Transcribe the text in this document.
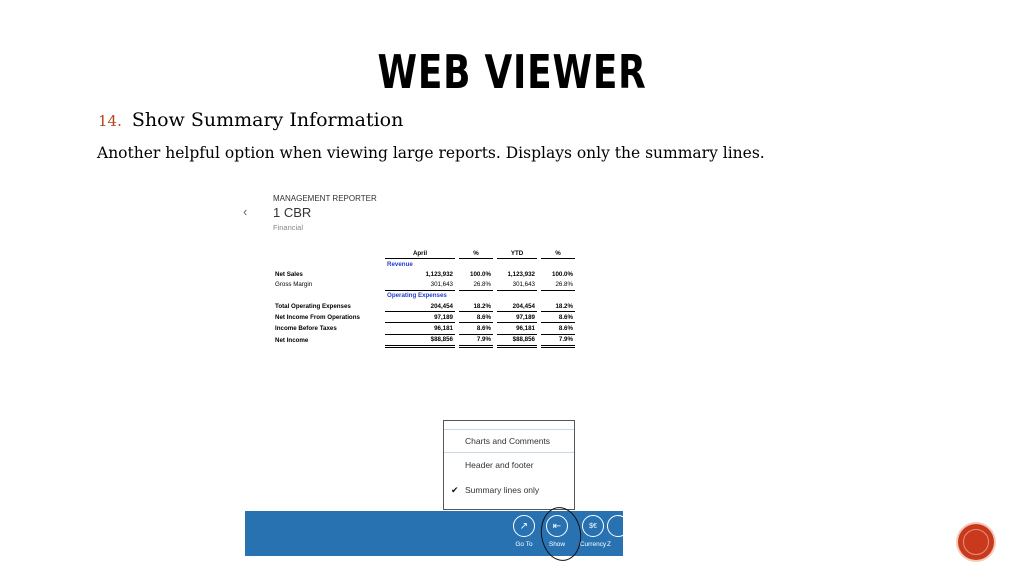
WEB VIEWER
14. Show Summary Information
Another helpful option when viewing large reports. Displays only the summary lines.
‹
MANAGEMENT REPORTER
1 CBR
Financial
	April		%		YTD		%
	Revenue						
Net Sales	1,123,932		100.0%		1,123,932		100.0%
Gross Margin	301,643		26.8%		301,643		26.8%
	Operating Expenses						
Total Operating Expenses	204,454		18.2%		204,454		18.2%
Net Income From Operations	97,189		8.6%		97,189		8.6%
Income Before Taxes	96,181		8.6%		96,181		8.6%
Net Income	$88,856		7.9%		$88,856		7.9%
Charts and Comments
Header and footer
✔ Summary lines only
↗
Go To
⇤
Show
$€
Currency Z
